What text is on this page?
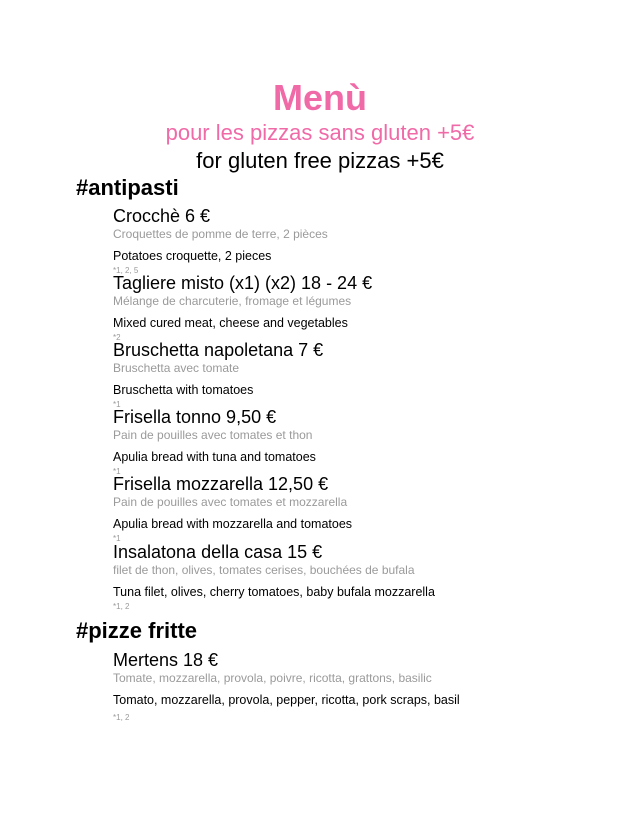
Menù
pour les pizzas sans gluten +5€
for gluten free pizzas +5€
#antipasti
Crocchè 6 €
Croquettes de pomme de terre, 2 pièces
Potatoes croquette, 2 pieces
*1, 2, 5
Tagliere misto (x1) (x2) 18 - 24 €
Mélange de charcuterie, fromage et légumes
Mixed cured meat, cheese and vegetables
*2
Bruschetta napoletana 7 €
Bruschetta avec tomate
Bruschetta with tomatoes
*1
Frisella tonno 9,50 €
Pain de pouilles avec tomates et thon
Apulia bread with tuna and tomatoes
*1
Frisella mozzarella 12,50 €
Pain de pouilles avec tomates et mozzarella
Apulia bread with mozzarella and tomatoes
*1
Insalatona della casa 15 €
filet de thon, olives, tomates cerises, bouchées de bufala
Tuna filet, olives, cherry tomatoes, baby bufala mozzarella
*1, 2
#pizze fritte
Mertens 18 €
Tomate, mozzarella, provola, poivre, ricotta, grattons, basilic
Tomato, mozzarella, provola, pepper, ricotta, pork scraps, basil
*1, 2
